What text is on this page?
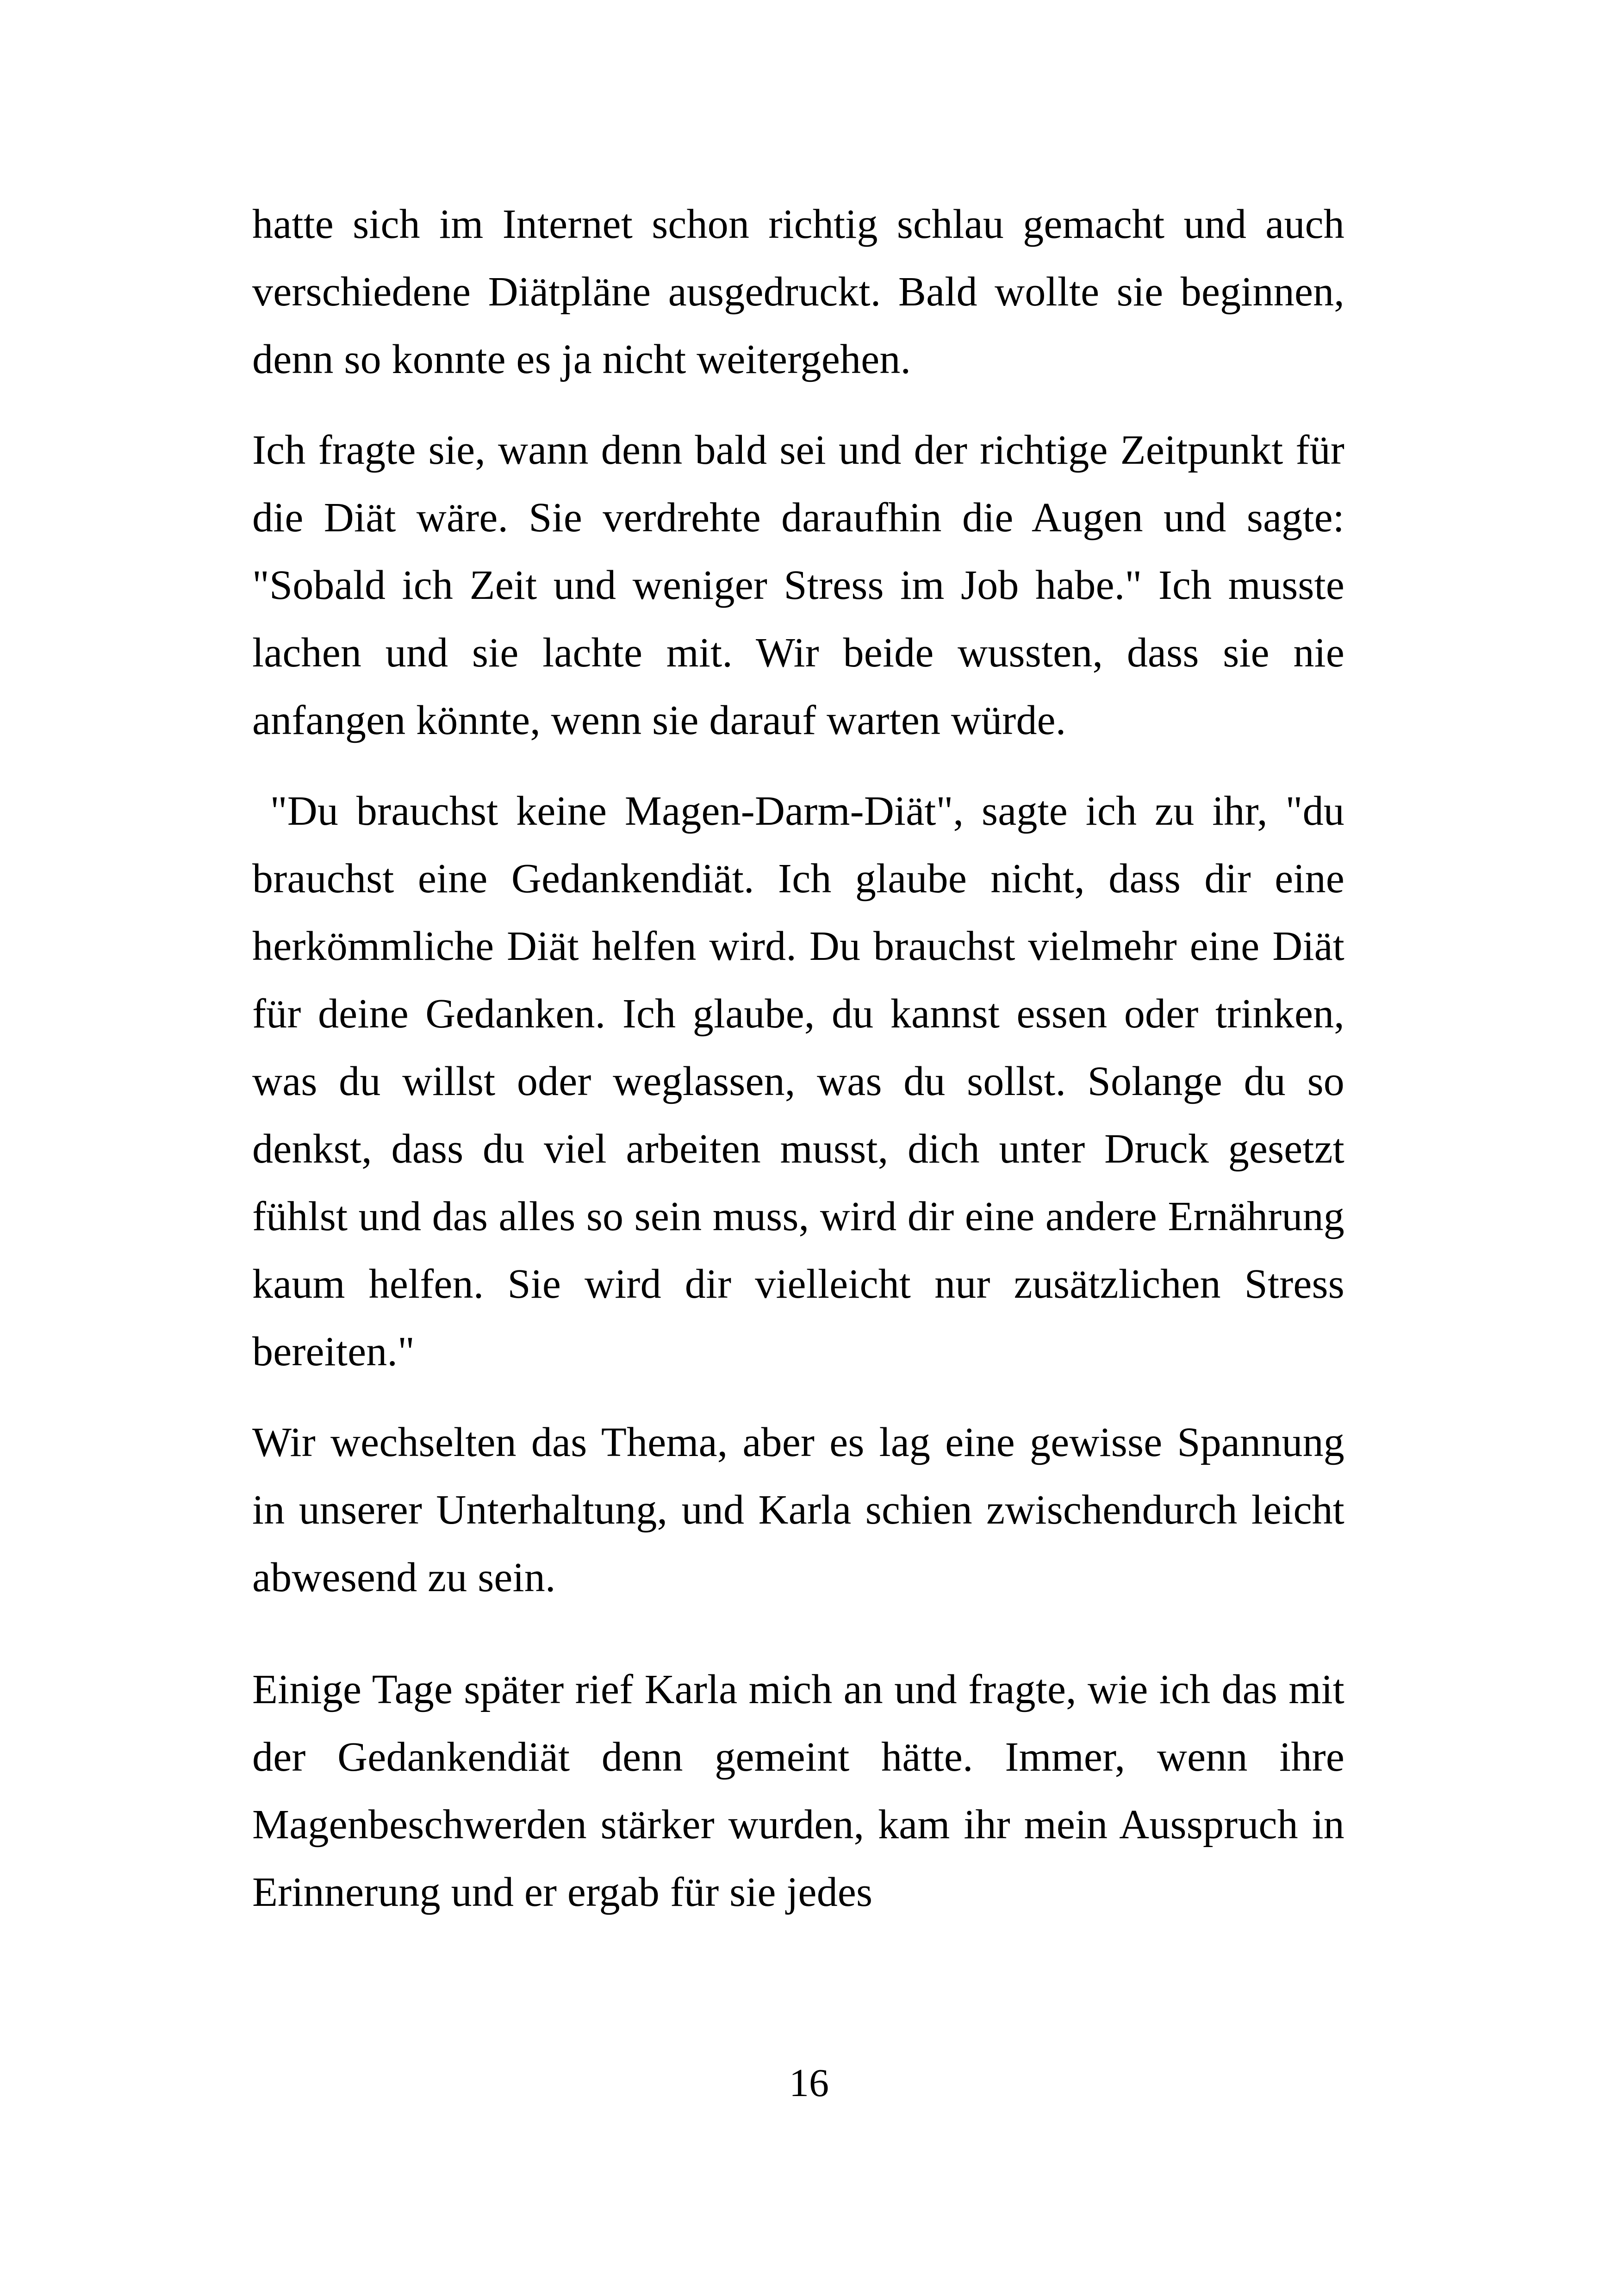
hatte sich im Internet schon richtig schlau gemacht und auch verschiedene Diätpläne ausgedruckt. Bald wollte sie beginnen, denn so konnte es ja nicht weitergehen.

Ich fragte sie, wann denn bald sei und der richtige Zeitpunkt für die Diät wäre. Sie verdrehte daraufhin die Augen und sagte: "Sobald ich Zeit und weniger Stress im Job habe." Ich musste lachen und sie lachte mit. Wir beide wussten, dass sie nie anfangen könnte, wenn sie darauf warten würde.

"Du brauchst keine Magen-Darm-Diät", sagte ich zu ihr, "du brauchst eine Gedankendiät. Ich glaube nicht, dass dir eine herkömmliche Diät helfen wird. Du brauchst vielmehr eine Diät für deine Gedanken. Ich glaube, du kannst essen oder trinken, was du willst oder weglassen, was du sollst. Solange du so denkst, dass du viel arbeiten musst, dich unter Druck gesetzt fühlst und das alles so sein muss, wird dir eine andere Ernährung kaum helfen. Sie wird dir vielleicht nur zusätzlichen Stress bereiten."

Wir wechselten das Thema, aber es lag eine gewisse Spannung in unserer Unterhaltung, und Karla schien zwischendurch leicht abwesend zu sein.

Einige Tage später rief Karla mich an und fragte, wie ich das mit der Gedankendiät denn gemeint hätte. Immer, wenn ihre Magenbeschwerden stärker wurden, kam ihr mein Ausspruch in Erinnerung und er ergab für sie jedes

16
